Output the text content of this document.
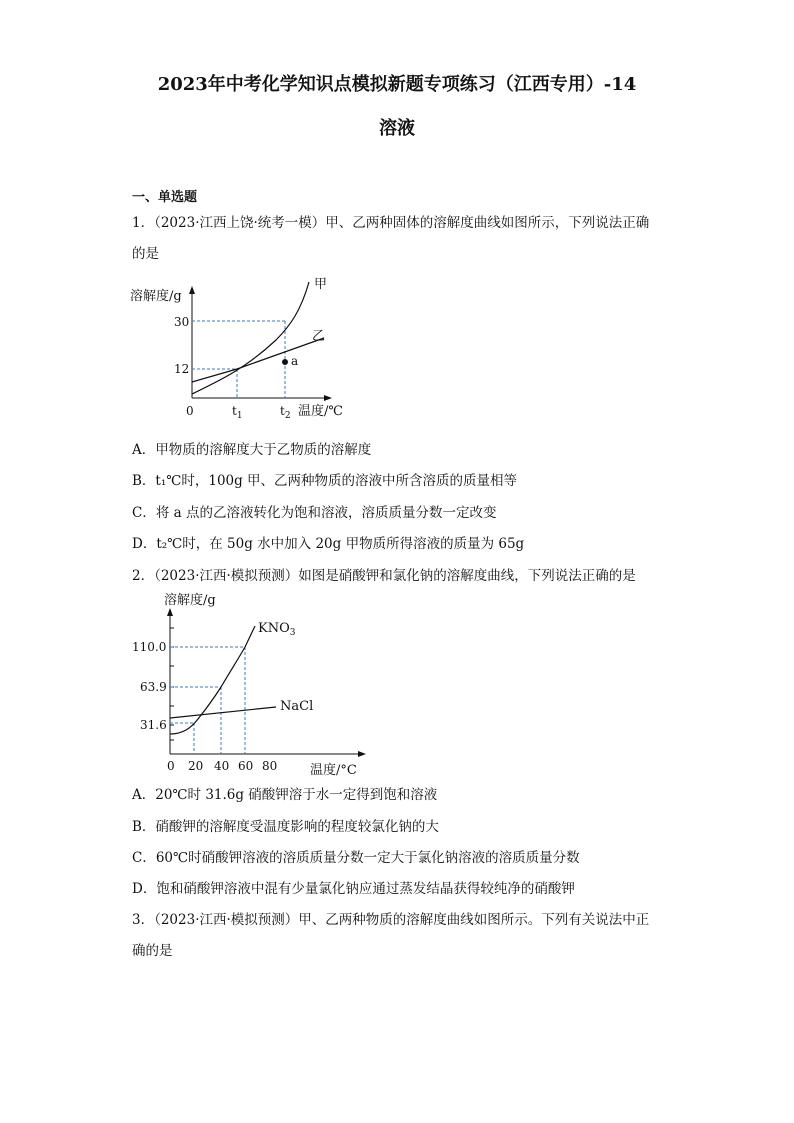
2023年中考化学知识点模拟新题专项练习（江西专用）-14
溶液
一、单选题
1．（2023·江西上饶·统考一模）甲、乙两种固体的溶解度曲线如图所示，下列说法正确
的是
溶解度/g
温度/℃
0
30
12
$t_1$	$t_2$
甲
乙
a
A．甲物质的溶解度大于乙物质的溶解度
B．t₁℃时，100g 甲、乙两种物质的溶液中所含溶质的质量相等
C．将 a 点的乙溶液转化为饱和溶液，溶质质量分数一定改变
D．t₂℃时，在 50g 水中加入 20g 甲物质所得溶液的质量为 65g
2．（2023·江西·模拟预测）如图是硝酸钾和氯化钠的溶解度曲线，下列说法正确的是
溶解度/g
温度/°C
110.0
63.9
31.6
0 20 40 60 80
$KNO_3$
NaCl
A．20℃时 31.6g 硝酸钾溶于水一定得到饱和溶液
B．硝酸钾的溶解度受温度影响的程度较氯化钠的大
C．60℃时硝酸钾溶液的溶质质量分数一定大于氯化钠溶液的溶质质量分数
D．饱和硝酸钾溶液中混有少量氯化钠应通过蒸发结晶获得较纯净的硝酸钾
3．（2023·江西·模拟预测）甲、乙两种物质的溶解度曲线如图所示。下列有关说法中正
确的是
